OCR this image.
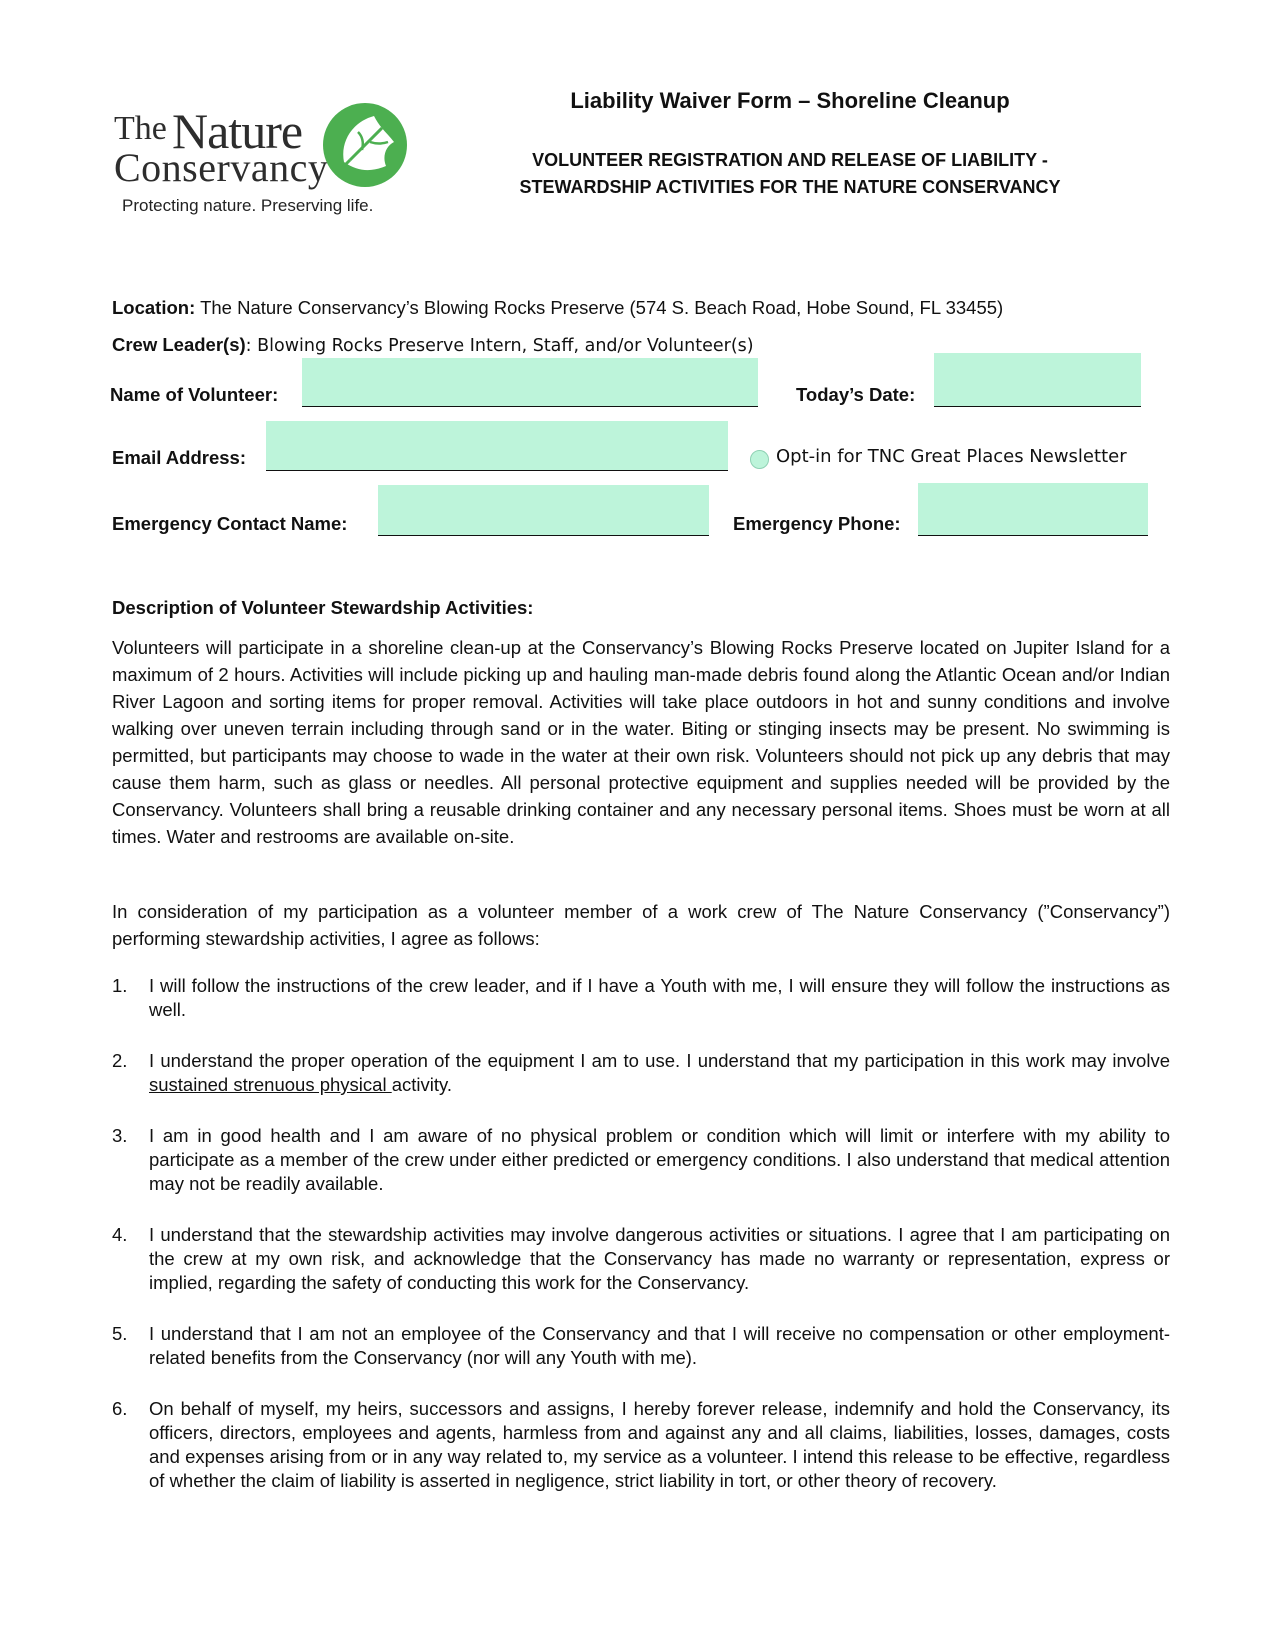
The Nature
Conservancy
Protecting nature. Preserving life.
Liability Waiver Form – Shoreline Cleanup
VOLUNTEER REGISTRATION AND RELEASE OF LIABILITY -
STEWARDSHIP ACTIVITIES FOR THE NATURE CONSERVANCY
Location: The Nature Conservancy’s Blowing Rocks Preserve (574 S. Beach Road, Hobe Sound, FL 33455)
Crew Leader(s): Blowing Rocks Preserve Intern, Staff, and/or Volunteer(s)
Name of Volunteer:	Today’s Date:
Email Address:	Opt-in for TNC Great Places Newsletter
Emergency Contact Name:	Emergency Phone:
Description of Volunteer Stewardship Activities:
Volunteers will participate in a shoreline clean-up at the Conservancy’s Blowing Rocks Preserve located on Jupiter Island for a maximum of 2 hours. Activities will include picking up and hauling man-made debris found along the Atlantic Ocean and/or Indian River Lagoon and sorting items for proper removal. Activities will take place outdoors in hot and sunny conditions and involve walking over uneven terrain including through sand or in the water. Biting or stinging insects may be present. No swimming is permitted, but participants may choose to wade in the water at their own risk. Volunteers should not pick up any debris that may cause them harm, such as glass or needles. All personal protective equipment and supplies needed will be provided by the Conservancy. Volunteers shall bring a reusable drinking container and any necessary personal items. Shoes must be worn at all times. Water and restrooms are available on-site.
In consideration of my participation as a volunteer member of a work crew of The Nature Conservancy (”Conservancy”) performing stewardship activities, I agree as follows:
1. I will follow the instructions of the crew leader, and if I have a Youth with me, I will ensure they will follow the instructions as well.
2. I understand the proper operation of the equipment I am to use. I understand that my participation in this work may involve sustained strenuous physical activity.
3. I am in good health and I am aware of no physical problem or condition which will limit or interfere with my ability to participate as a member of the crew under either predicted or emergency conditions. I also understand that medical attention may not be readily available.
4. I understand that the stewardship activities may involve dangerous activities or situations. I agree that I am participating on the crew at my own risk, and acknowledge that the Conservancy has made no warranty or representation, express or implied, regarding the safety of conducting this work for the Conservancy.
5. I understand that I am not an employee of the Conservancy and that I will receive no compensation or other employment-related benefits from the Conservancy (nor will any Youth with me).
6. On behalf of myself, my heirs, successors and assigns, I hereby forever release, indemnify and hold the Conservancy, its officers, directors, employees and agents, harmless from and against any and all claims, liabilities, losses, damages, costs and expenses arising from or in any way related to, my service as a volunteer. I intend this release to be effective, regardless of whether the claim of liability is asserted in negligence, strict liability in tort, or other theory of recovery.
